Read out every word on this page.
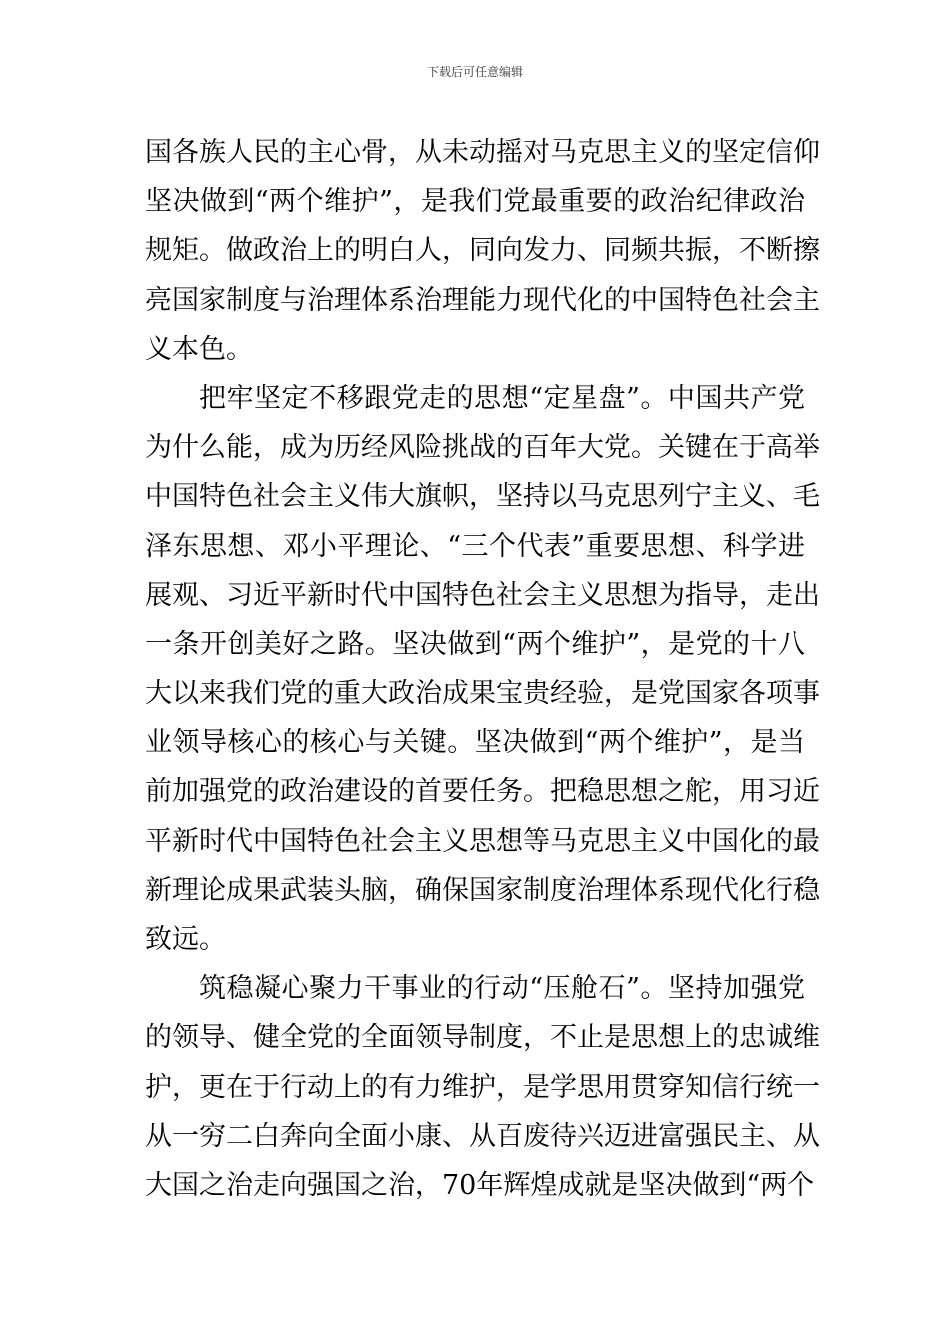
下载后可任意编辑
国各族人民的主心骨，从未动摇对马克思主义的坚定信仰
坚决做到“两个维护”，是我们党最重要的政治纪律政治
规矩。做政治上的明白人，同向发力、同频共振，不断擦
亮国家制度与治理体系治理能力现代化的中国特色社会主
义本色。
把牢坚定不移跟党走的思想“定星盘”。中国共产党
为什么能，成为历经风险挑战的百年大党。关键在于高举
中国特色社会主义伟大旗帜，坚持以马克思列宁主义、毛
泽东思想、邓小平理论、“三个代表”重要思想、科学进
展观、习近平新时代中国特色社会主义思想为指导，走出
一条开创美好之路。坚决做到“两个维护”，是党的十八
大以来我们党的重大政治成果宝贵经验，是党国家各项事
业领导核心的核心与关键。坚决做到“两个维护”，是当
前加强党的政治建设的首要任务。把稳思想之舵，用习近
平新时代中国特色社会主义思想等马克思主义中国化的最
新理论成果武装头脑，确保国家制度治理体系现代化行稳
致远。
筑稳凝心聚力干事业的行动“压舱石”。坚持加强党
的领导、健全党的全面领导制度，不止是思想上的忠诚维
护，更在于行动上的有力维护，是学思用贯穿知信行统一
从一穷二白奔向全面小康、从百废待兴迈进富强民主、从
大国之治走向强国之治，70年辉煌成就是坚决做到“两个
